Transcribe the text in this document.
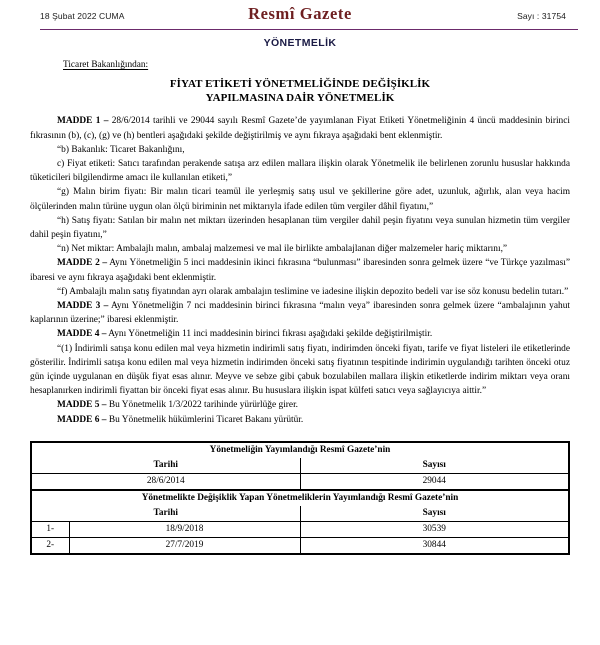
18 Şubat 2022 CUMA	Resmî Gazete	Sayı : 31754
YÖNETMELİK
Ticaret Bakanlığından:
FİYAT ETİKETİ YÖNETMELİĞİNDE DEĞİŞİKLİK
YAPILMASINA DAİR YÖNETMELİK

MADDE 1 – 28/6/2014 tarihli ve 29044 sayılı Resmî Gazete’de yayımlanan Fiyat Etiketi Yönetmeliğinin 4 üncü maddesinin birinci fıkrasının (b), (c), (g) ve (h) bentleri aşağıdaki şekilde değiştirilmiş ve aynı fıkraya aşağıdaki bent eklenmiştir.

“b) Bakanlık: Ticaret Bakanlığını,

c) Fiyat etiketi: Satıcı tarafından perakende satışa arz edilen mallara ilişkin olarak Yönetmelik ile belirlenen zorunlu hususlar hakkında tüketicileri bilgilendirme amacı ile kullanılan etiketi,”

“g) Malın birim fiyatı: Bir malın ticari teamül ile yerleşmiş satış usul ve şekillerine göre adet, uzunluk, ağırlık, alan veya hacim ölçülerinden malın türüne uygun olan ölçü biriminin net miktarıyla ifade edilen tüm vergiler dâhil fiyatını,”

“h) Satış fiyatı: Satılan bir malın net miktarı üzerinden hesaplanan tüm vergiler dahil peşin fiyatını veya sunulan hizmetin tüm vergiler dahil peşin fiyatını,”

“n) Net miktar: Ambalajlı malın, ambalaj malzemesi ve mal ile birlikte ambalajlanan diğer malzemeler hariç miktarını,”

MADDE 2 – Aynı Yönetmeliğin 5 inci maddesinin ikinci fıkrasına “bulunması” ibaresinden sonra gelmek üzere “ve Türkçe yazılması” ibaresi ve aynı fıkraya aşağıdaki bent eklenmiştir.

“f) Ambalajlı malın satış fiyatından ayrı olarak ambalajın teslimine ve iadesine ilişkin depozito bedeli var ise söz konusu bedelin tutarı.”

MADDE 3 – Aynı Yönetmeliğin 7 nci maddesinin birinci fıkrasına “malın veya” ibaresinden sonra gelmek üzere “ambalajının yahut kaplarının üzerine;” ibaresi eklenmiştir.

MADDE 4 – Aynı Yönetmeliğin 11 inci maddesinin birinci fıkrası aşağıdaki şekilde değiştirilmiştir.

“(1) İndirimli satışa konu edilen mal veya hizmetin indirimli satış fiyatı, indirimden önceki fiyatı, tarife ve fiyat listeleri ile etiketlerinde gösterilir. İndirimli satışa konu edilen mal veya hizmetin indirimden önceki satış fiyatının tespitinde indirimin uygulandığı tarihten önceki otuz gün içinde uygulanan en düşük fiyat esas alınır. Meyve ve sebze gibi çabuk bozulabilen mallara ilişkin etiketlerde indirim miktarı veya oranı hesaplanırken indirimli fiyattan bir önceki fiyat esas alınır. Bu hususlara ilişkin ispat külfeti satıcı veya sağlayıcıya aittir.”

MADDE 5 – Bu Yönetmelik 1/3/2022 tarihinde yürürlüğe girer.

MADDE 6 – Bu Yönetmelik hükümlerini Ticaret Bakanı yürütür.

Yönetmeliğin Yayımlandığı Resmî Gazete’nin		
Tarihi		Sayısı
28/6/2014		29044
Yönetmelikte Değişiklik Yapan Yönetmeliklerin Yayımlandığı Resmî Gazete’nin		
Tarihi		Sayısı
1-	18/9/2018	30539
2-	27/7/2019	30844
